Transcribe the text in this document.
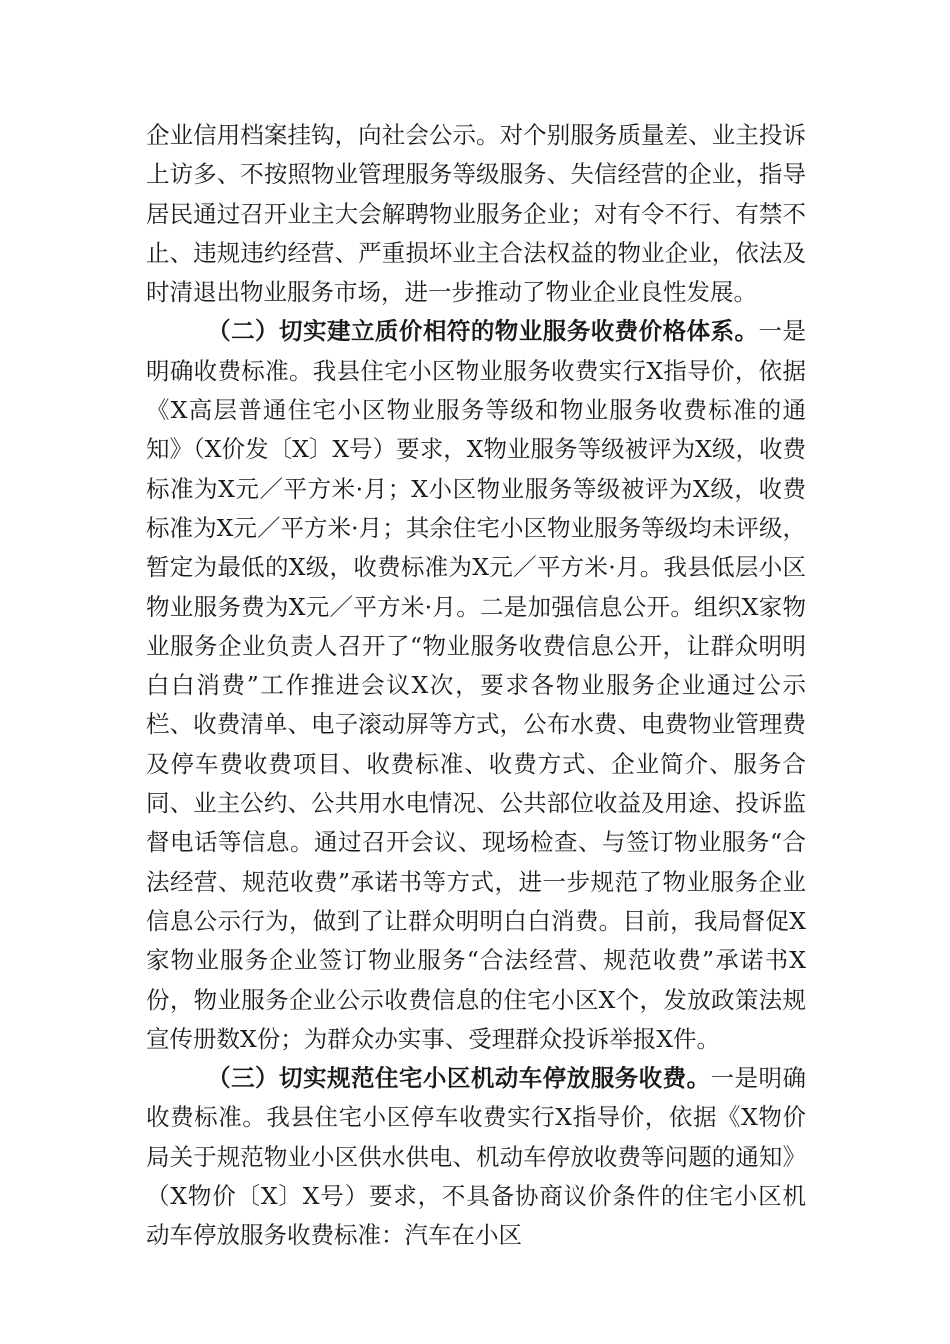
企业信用档案挂钩，向社会公示。对个别服务质量差、业主投诉上访多、不按照物业管理服务等级服务、失信经营的企业，指导居民通过召开业主大会解聘物业服务企业；对有令不行、有禁不止、违规违约经营、严重损坏业主合法权益的物业企业，依法及时清退出物业服务市场，进一步推动了物业企业良性发展。

（二）切实建立质价相符的物业服务收费价格体系。一是明确收费标准。我县住宅小区物业服务收费实行X指导价，依据《X高层普通住宅小区物业服务等级和物业服务收费标准的通知》（X价发〔X〕X号）要求，X物业服务等级被评为X级，收费标准为X元／平方米·月；X小区物业服务等级被评为X级，收费标准为X元／平方米·月；其余住宅小区物业服务等级均未评级，暂定为最低的X级，收费标准为X元／平方米·月。我县低层小区物业服务费为X元／平方米·月。二是加强信息公开。组织X家物业服务企业负责人召开了“物业服务收费信息公开，让群众明明白白消费”工作推进会议X次，要求各物业服务企业通过公示栏、收费清单、电子滚动屏等方式，公布水费、电费物业管理费及停车费收费项目、收费标准、收费方式、企业简介、服务合同、业主公约、公共用水电情况、公共部位收益及用途、投诉监督电话等信息。通过召开会议、现场检查、与签订物业服务“合法经营、规范收费”承诺书等方式，进一步规范了物业服务企业信息公示行为，做到了让群众明明白白消费。目前，我局督促X家物业服务企业签订物业服务“合法经营、规范收费”承诺书X份，物业服务企业公示收费信息的住宅小区X个，发放政策法规宣传册数X份；为群众办实事、受理群众投诉举报X件。

（三）切实规范住宅小区机动车停放服务收费。一是明确收费标准。我县住宅小区停车收费实行X指导价，依据《X物价局关于规范物业小区供水供电、机动车停放收费等问题的通知》（X物价〔X〕X号）要求，不具备协商议价条件的住宅小区机动车停放服务收费标准：汽车在小区
